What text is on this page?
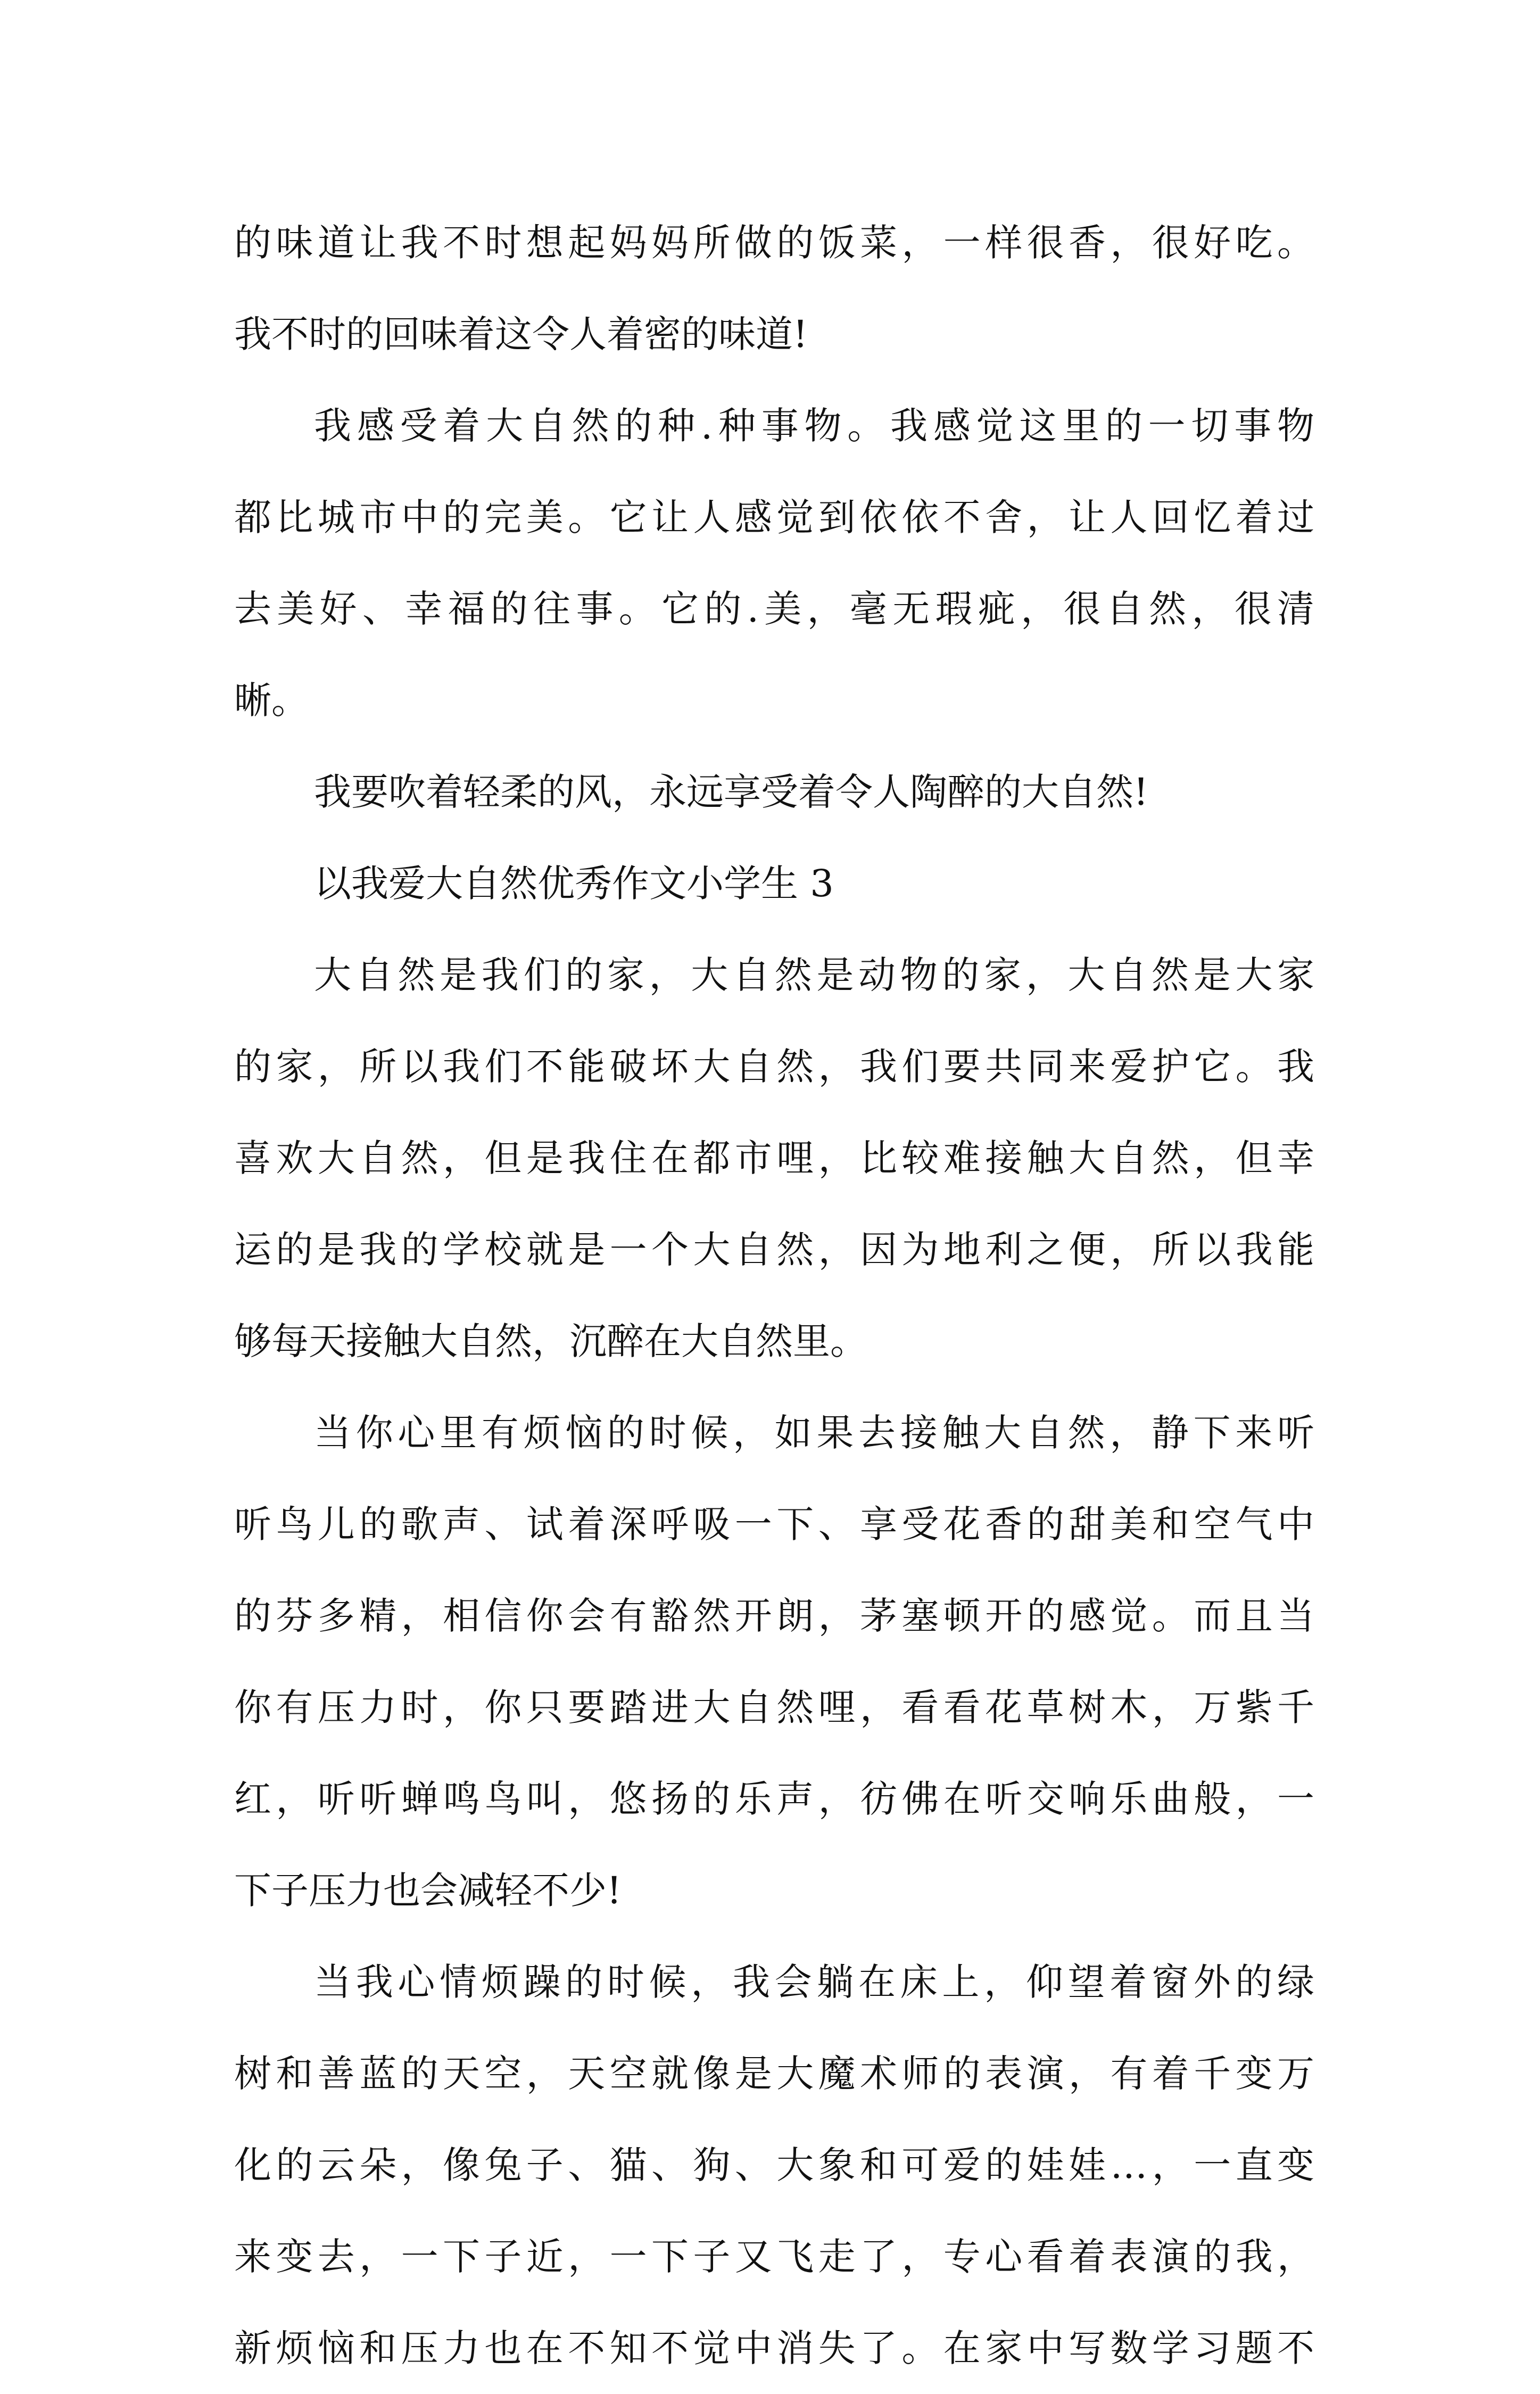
的味道让我不时想起妈妈所做的饭菜，一样很香，很好吃。
我不时的回味着这令人着密的味道!
我感受着大自然的种.种事物。我感觉这里的一切事物
都比城市中的完美。它让人感觉到依依不舍，让人回忆着过
去美好、幸福的往事。它的.美，毫无瑕疵，很自然，很清
晰。
我要吹着轻柔的风，永远享受着令人陶醉的大自然!
以我爱大自然优秀作文小学生 3
大自然是我们的家，大自然是动物的家，大自然是大家
的家，所以我们不能破坏大自然，我们要共同来爱护它。我
喜欢大自然，但是我住在都市哩，比较难接触大自然，但幸
运的是我的学校就是一个大自然，因为地利之便，所以我能
够每天接触大自然，沉醉在大自然里。
当你心里有烦恼的时候，如果去接触大自然，静下来听
听鸟儿的歌声、试着深呼吸一下、享受花香的甜美和空气中
的芬多精，相信你会有豁然开朗，茅塞顿开的感觉。而且当
你有压力时，你只要踏进大自然哩，看看花草树木，万紫千
红，听听蝉鸣鸟叫，悠扬的乐声，彷佛在听交响乐曲般，一
下子压力也会减轻不少!
当我心情烦躁的时候，我会躺在床上，仰望着窗外的绿
树和善蓝的天空，天空就像是大魔术师的表演，有着千变万
化的云朵，像兔子、猫、狗、大象和可爱的娃娃…，一直变
来变去，一下子近，一下子又飞走了，专心看着表演的我，
新烦恼和压力也在不知不觉中消失了。在家中写数学习题不
